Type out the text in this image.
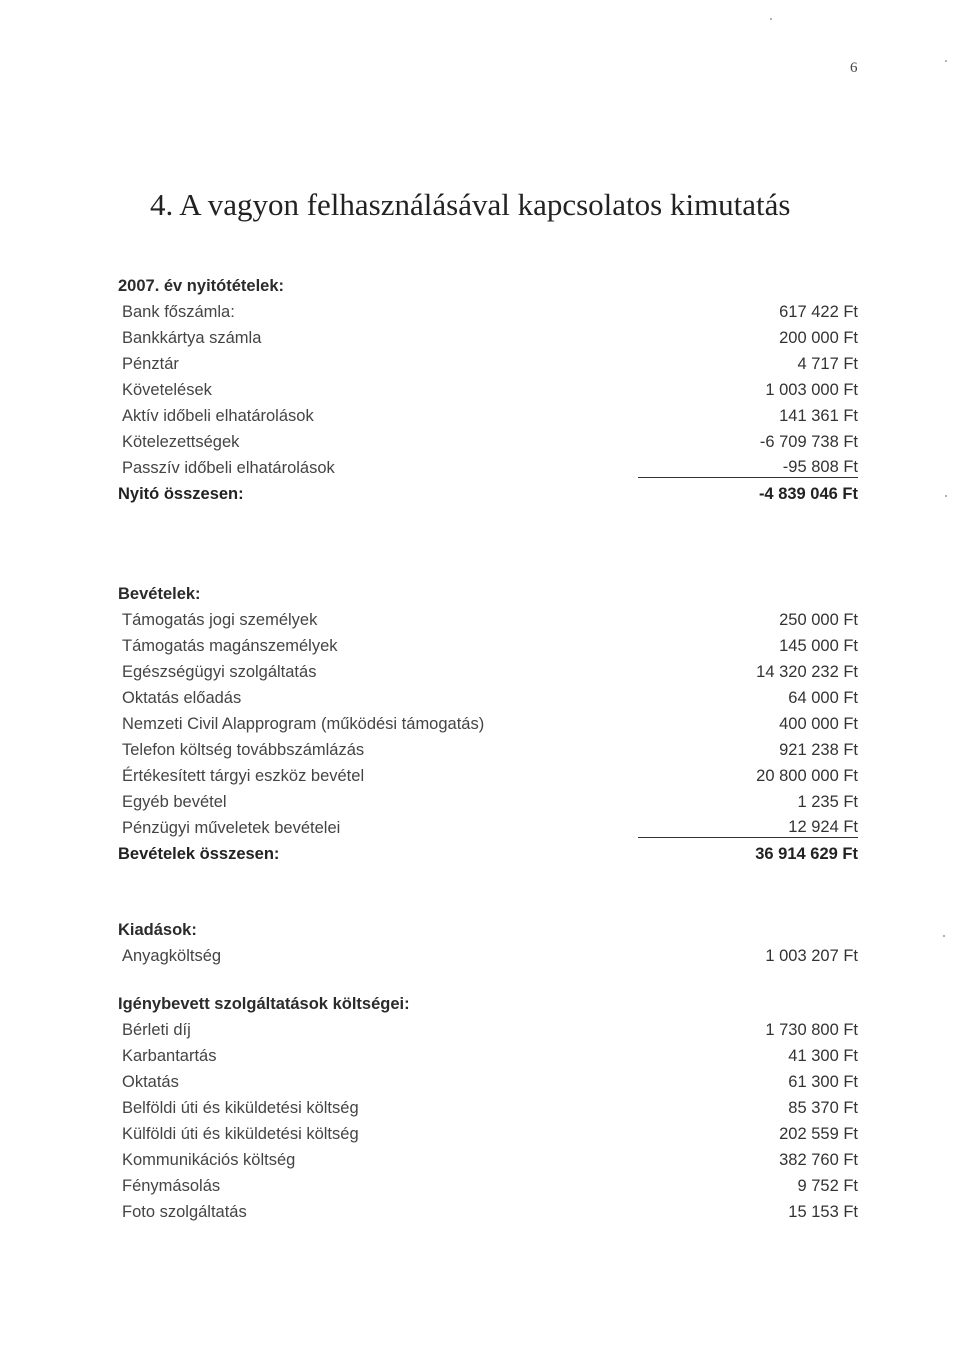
6
4. A vagyon felhasználásával kapcsolatos kimutatás
2007. év nyitótételek:
Bank főszámla:	617 422 Ft
Bankkártya számla	200 000 Ft
Pénztár	4 717 Ft
Követelések	1 003 000 Ft
Aktív időbeli elhatárolások	141 361 Ft
Kötelezettségek	-6 709 738 Ft
Passzív időbeli elhatárolások	-95 808 Ft
Nyitó összesen:	-4 839 046 Ft
Bevételek:
Támogatás jogi személyek	250 000 Ft
Támogatás magánszemélyek	145 000 Ft
Egészségügyi szolgáltatás	14 320 232 Ft
Oktatás előadás	64 000 Ft
Nemzeti Civil Alapprogram (működési támogatás)	400 000 Ft
Telefon költség továbbszámlázás	921 238 Ft
Értékesített tárgyi eszköz bevétel	20 800 000 Ft
Egyéb bevétel	1 235 Ft
Pénzügyi műveletek bevételei	12 924 Ft
Bevételek összesen:	36 914 629 Ft
Kiadások:
Anyagköltség	1 003 207 Ft
Igénybevett szolgáltatások költségei:
Bérleti díj	1 730 800 Ft
Karbantartás	41 300 Ft
Oktatás	61 300 Ft
Belföldi úti és kiküldetési költség	85 370 Ft
Külföldi úti és kiküldetési költség	202 559 Ft
Kommunikációs költség	382 760 Ft
Fénymásolás	9 752 Ft
Foto szolgáltatás	15 153 Ft
